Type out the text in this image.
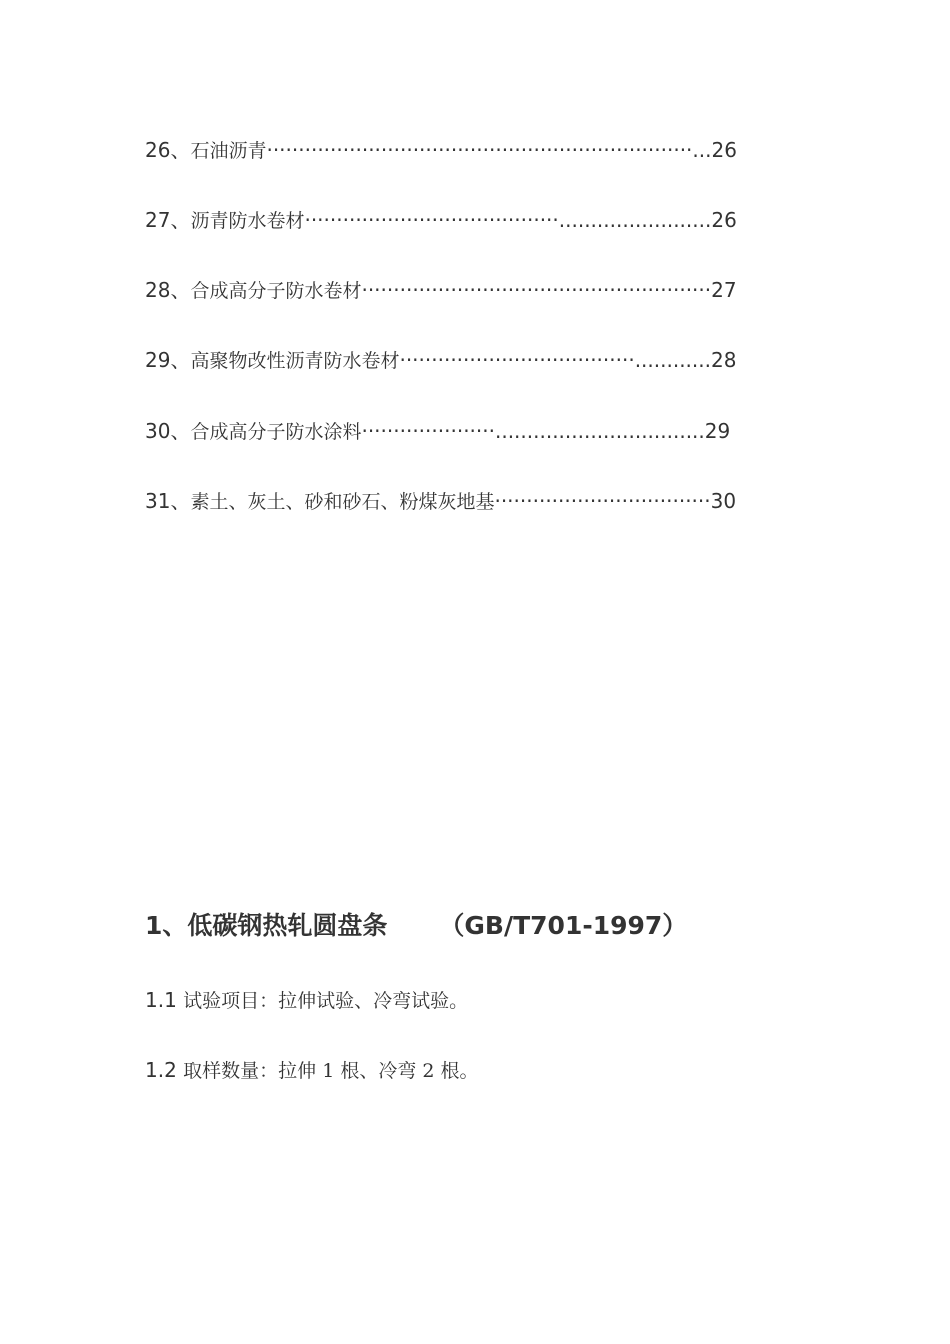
26、石油沥青···································································...26
27、沥青防水卷材········································........................26
28、合成高分子防水卷材·······················································27
29、高聚物改性沥青防水卷材·····································............28
30、合成高分子防水涂料·····················.................................29
31、素土、灰土、砂和砂石、粉煤灰地基··································30
1、低碳钢热轧圆盘条 （GB/T701-1997）
1.1 试验项目：拉伸试验、冷弯试验。
1.2 取样数量：拉伸 1 根、冷弯 2 根。
